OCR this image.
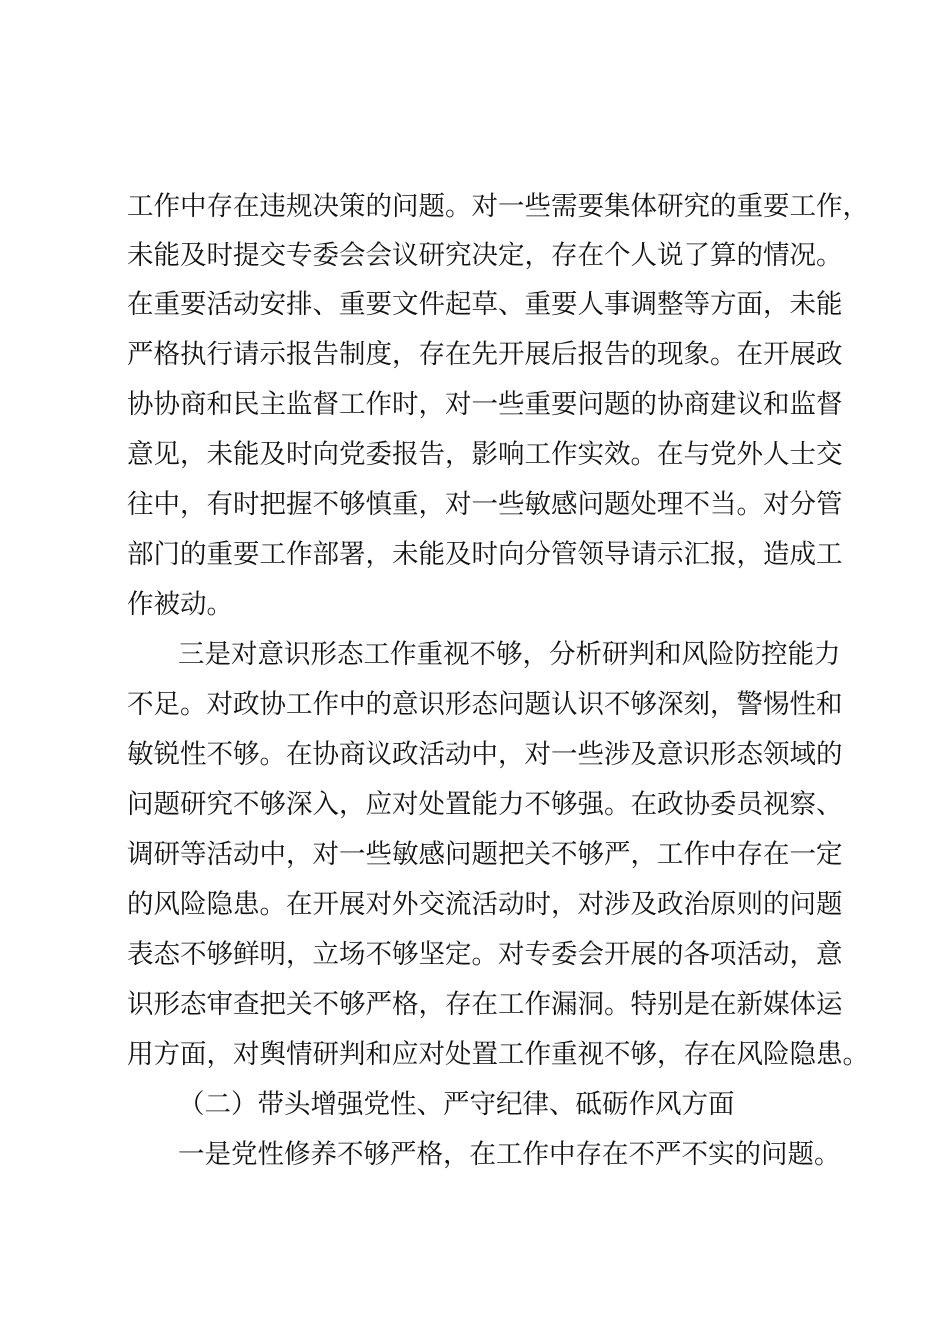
工作中存在违规决策的问题。对一些需要集体研究的重要工作，
未能及时提交专委会会议研究决定，存在个人说了算的情况。
在重要活动安排、重要文件起草、重要人事调整等方面，未能
严格执行请示报告制度，存在先开展后报告的现象。在开展政
协协商和民主监督工作时，对一些重要问题的协商建议和监督
意见，未能及时向党委报告，影响工作实效。在与党外人士交
往中，有时把握不够慎重，对一些敏感问题处理不当。对分管
部门的重要工作部署，未能及时向分管领导请示汇报，造成工
作被动。
三是对意识形态工作重视不够，分析研判和风险防控能力
不足。对政协工作中的意识形态问题认识不够深刻，警惕性和
敏锐性不够。在协商议政活动中，对一些涉及意识形态领域的
问题研究不够深入，应对处置能力不够强。在政协委员视察、
调研等活动中，对一些敏感问题把关不够严，工作中存在一定
的风险隐患。在开展对外交流活动时，对涉及政治原则的问题
表态不够鲜明，立场不够坚定。对专委会开展的各项活动，意
识形态审查把关不够严格，存在工作漏洞。特别是在新媒体运
用方面，对舆情研判和应对处置工作重视不够，存在风险隐患。
（二）带头增强党性、严守纪律、砥砺作风方面
一是党性修养不够严格，在工作中存在不严不实的问题。
